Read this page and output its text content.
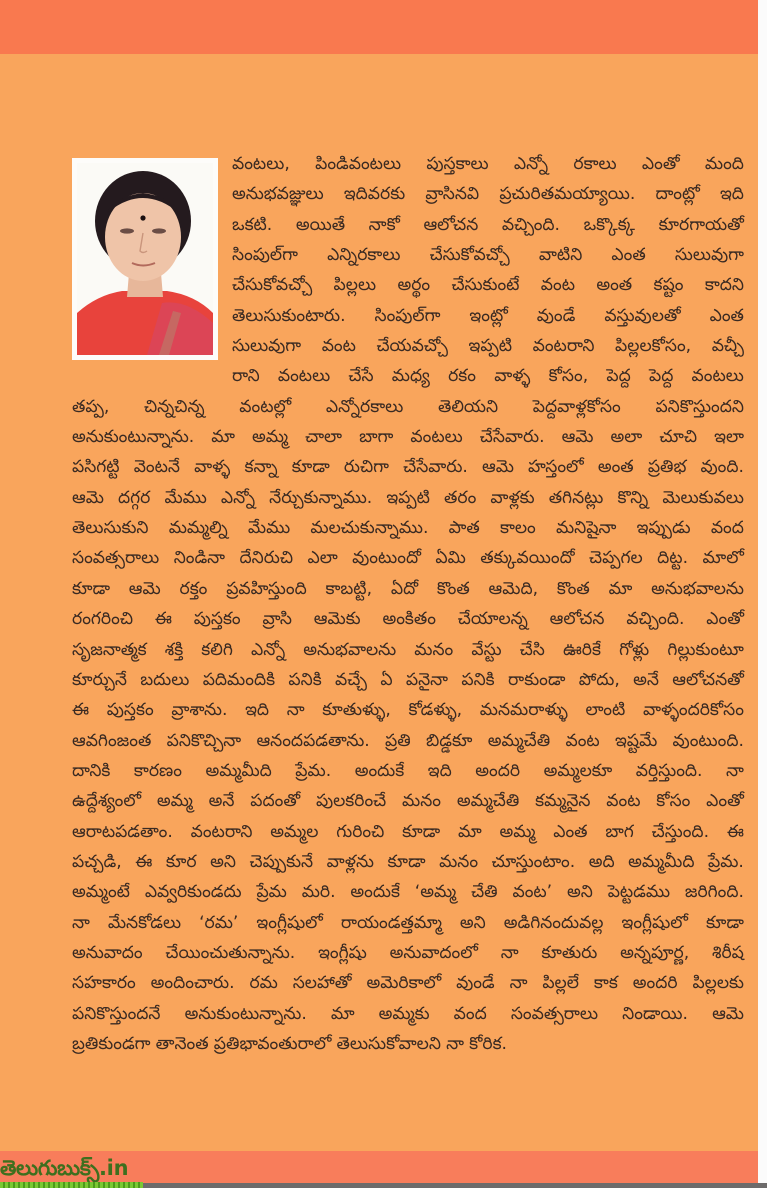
వంటలు, పిండివంటలు పుస్తకాలు ఎన్నో రకాలు ఎంతో మంది
అనుభవజ్ఞులు ఇదివరకు వ్రాసినవి ప్రచురితమయ్యాయి. దాంట్లో ఇది
ఒకటి. అయితే నాకో ఆలోచన వచ్చింది. ఒక్కొక్క కూరగాయతో
సింపుల్‌గా ఎన్నిరకాలు చేసుకోవచ్చో వాటిని ఎంత సులువుగా
చేసుకోవచ్చో పిల్లలు అర్థం చేసుకుంటే వంట అంత కష్టం కాదని
తెలుసుకుంటారు. సింపుల్‌గా ఇంట్లో వుండే వస్తువులతో ఎంత
సులువుగా వంట చేయవచ్చో ఇప్పటి వంటరాని పిల్లలకోసం, వచ్చీ
రాని వంటలు చేసే మధ్య రకం వాళ్ళ కోసం, పెద్ద పెద్ద వంటలు
తప్ప, చిన్నచిన్న వంటల్లో ఎన్నోరకాలు తెలియని పెద్దవాళ్లకోసం పనికొస్తుందని
అనుకుంటున్నాను. మా అమ్మ చాలా బాగా వంటలు చేసేవారు. ఆమె అలా చూచి ఇలా
పసిగట్టి వెంటనే వాళ్ళ కన్నా కూడా రుచిగా చేసేవారు. ఆమె హస్తంలో అంత ప్రతిభ వుంది.
ఆమె దగ్గర మేము ఎన్నో నేర్చుకున్నాము. ఇప్పటి తరం వాళ్లకు తగినట్లు కొన్ని మెలుకువలు
తెలుసుకుని మమ్మల్ని మేము మలచుకున్నాము. పాత కాలం మనిషైనా ఇప్పుడు వంద
సంవత్సరాలు నిండినా దేనిరుచి ఎలా వుంటుందో ఏమి తక్కువయిందో చెప్పగల దిట్ట. మాలో
కూడా ఆమె రక్తం ప్రవహిస్తుంది కాబట్టి, ఏదో కొంత ఆమెది, కొంత మా అనుభవాలను
రంగరించి ఈ పుస్తకం వ్రాసి ఆమెకు అంకితం చేయాలన్న ఆలోచన వచ్చింది. ఎంతో
సృజనాత్మక శక్తి కలిగి ఎన్నో అనుభవాలను మనం వేస్టు చేసి ఊరికే గోళ్లు గిల్లుకుంటూ
కూర్చునే బదులు పదిమందికి పనికి వచ్చే ఏ పనైనా పనికి రాకుండా పోదు, అనే ఆలోచనతో
ఈ పుస్తకం వ్రాశాను. ఇది నా కూతుళ్ళు, కోడళ్ళు, మనమరాళ్ళు లాంటి వాళ్ళందరికోసం
ఆవగింజంత పనికొచ్చినా ఆనందపడతాను. ప్రతి బిడ్డకూ అమ్మచేతి వంట ఇష్టమే వుంటుంది.
దానికి కారణం అమ్మమీది ప్రేమ. అందుకే ఇది అందరి అమ్మలకూ వర్తిస్తుంది. నా
ఉద్దేశ్యంలో అమ్మ అనే పదంతో పులకరించే మనం అమ్మచేతి కమ్మనైన వంట కోసం ఎంతో
ఆరాటపడతాం. వంటరాని అమ్మల గురించి కూడా మా అమ్మ ఎంత బాగ చేస్తుంది. ఈ
పచ్చడి, ఈ కూర అని చెప్పుకునే వాళ్లను కూడా మనం చూస్తుంటాం. అది అమ్మమీది ప్రేమ.
అమ్మంటే ఎవ్వరికుండదు ప్రేమ మరి. అందుకే ‘అమ్మ చేతి వంట’ అని పెట్టడము జరిగింది.
నా మేనకోడలు ‘రమ’ ఇంగ్లీషులో రాయండత్తమ్మా అని అడిగినందువల్ల ఇంగ్లీషులో కూడా
అనువాదం చేయించుతున్నాను. ఇంగ్లీషు అనువాదంలో నా కూతురు అన్నపూర్ణ, శిరీష
సహకారం అందించారు. రమ సలహాతో అమెరికాలో వుండే నా పిల్లలే కాక అందరి పిల్లలకు
పనికొస్తుందనే అనుకుంటున్నాను. మా అమ్మకు వంద సంవత్సరాలు నిండాయి. ఆమె
బ్రతికుండగా తానెంత ప్రతిభావంతురాలో తెలుసుకోవాలని నా కోరిక.
తెలుగుబుక్స్.in
